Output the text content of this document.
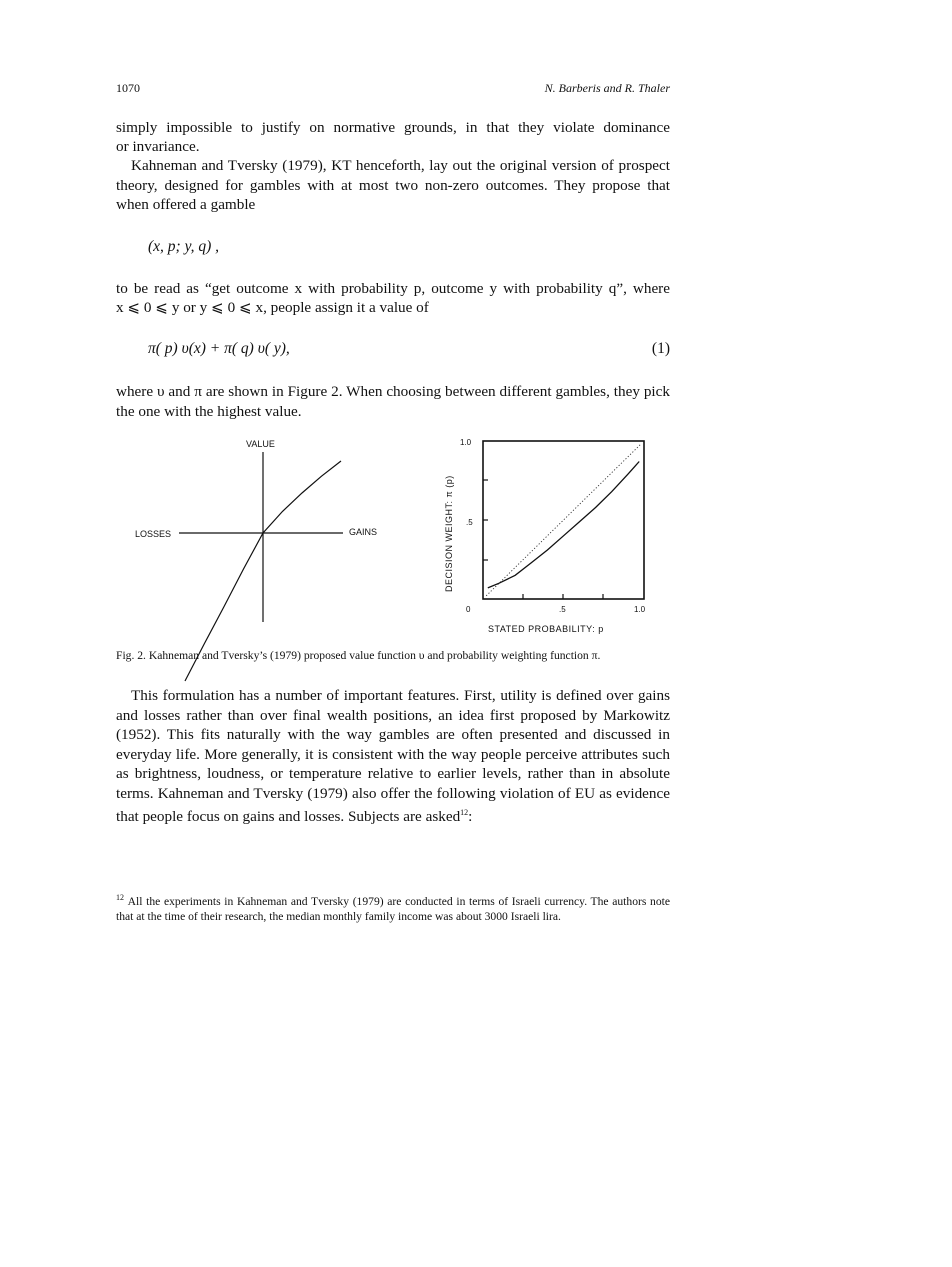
1070	N. Barberis and R. Thaler

simply impossible to justify on normative grounds, in that they violate dominance

or invariance.

Kahneman and Tversky (1979), KT henceforth, lay out the original version of prospect theory, designed for gambles with at most two non-zero outcomes. They propose that when offered a gamble

(x, p; y, q) ,

to be read as “get outcome x with probability p, outcome y with probability q”, where

x ⩽ 0 ⩽ y or y ⩽ 0 ⩽ x, people assign it a value of

π( p) υ(x) + π( q) υ( y),	(1)

where υ and π are shown in Figure 2. When choosing between different gambles, they pick the one with the highest value.

VALUE
LOSSES	GAINS
1.0
.5
0	.5	1.0
DECISION WEIGHT: π (p)
STATED PROBABILITY: p
Fig. 2. Kahneman and Tversky’s (1979) proposed value function υ and probability weighting function π.

This formulation has a number of important features. First, utility is defined over gains and losses rather than over final wealth positions, an idea first proposed by Markowitz (1952). This fits naturally with the way gambles are often presented and discussed in everyday life. More generally, it is consistent with the way people perceive attributes such as brightness, loudness, or temperature relative to earlier levels, rather than in absolute terms. Kahneman and Tversky (1979) also offer the following violation of EU as evidence that people focus on gains and losses. Subjects are asked$^{12}$:

$^{12}$ All the experiments in Kahneman and Tversky (1979) are conducted in terms of Israeli currency. The authors note that at the time of their research, the median monthly family income was about 3000 Israeli lira.
